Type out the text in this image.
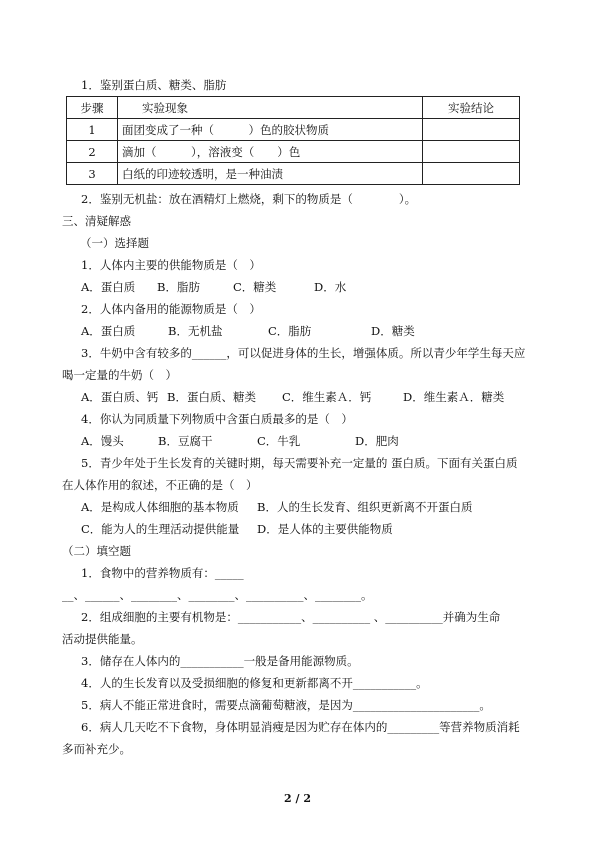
1．鉴别蛋白质、糖类、脂肪
步骤	实验现象	实验结论
1	面团变成了一种（　　　）色的胶状物质	
2	滴加（　　　），溶液变（　　）色	
3	白纸的印迹较透明，是一种油渍	
2．鉴别无机盐：放在酒精灯上燃烧，剩下的物质是（　　　　）。
三、清疑解惑
（一）选择题
1．人体内主要的供能物质是（　）
A．蛋白质 B．脂肪	C．糖类	D．水
2．人体内备用的能源物质是（　）
A．蛋白质	B．无机盐	C．脂肪	D．糖类
3．牛奶中含有较多的______，可以促进身体的生长，增强体质。所以青少年学生每天应
喝一定量的牛奶（　）
A．蛋白质、钙 B．蛋白质、糖类 C．维生素Ａ．钙	D．维生素Ａ．糖类
4．你认为同质量下列物质中含蛋白质最多的是（　）
A．馒头	B．豆腐干	C．牛乳	D．肥肉
5．青少年处于生长发育的关键时期，每天需要补充一定量的 蛋白质。下面有关蛋白质
在人体作用的叙述，不正确的是（　）
A．是构成人体细胞的基本物质 B．人的生长发育、组织更新离不开蛋白质
C．能为人的生理活动提供能量 D．是人体的主要供能物质
（二）填空题
1．食物中的营养物质有：_____
__、______、________、________、__________、________。
2．组成细胞的主要有机物是：___________、__________ 、__________并确为生命
活动提供能量。
3．储存在人体内的___________一般是备用能源物质。
4．人的生长发育以及受损细胞的修复和更新都离不开___________。
5．病人不能正常进食时，需要点滴葡萄糖液，是因为______________________。
6．病人几天吃不下食物，身体明显消瘦是因为贮存在体内的_________等营养物质消耗
多而补充少。
2 / 2
